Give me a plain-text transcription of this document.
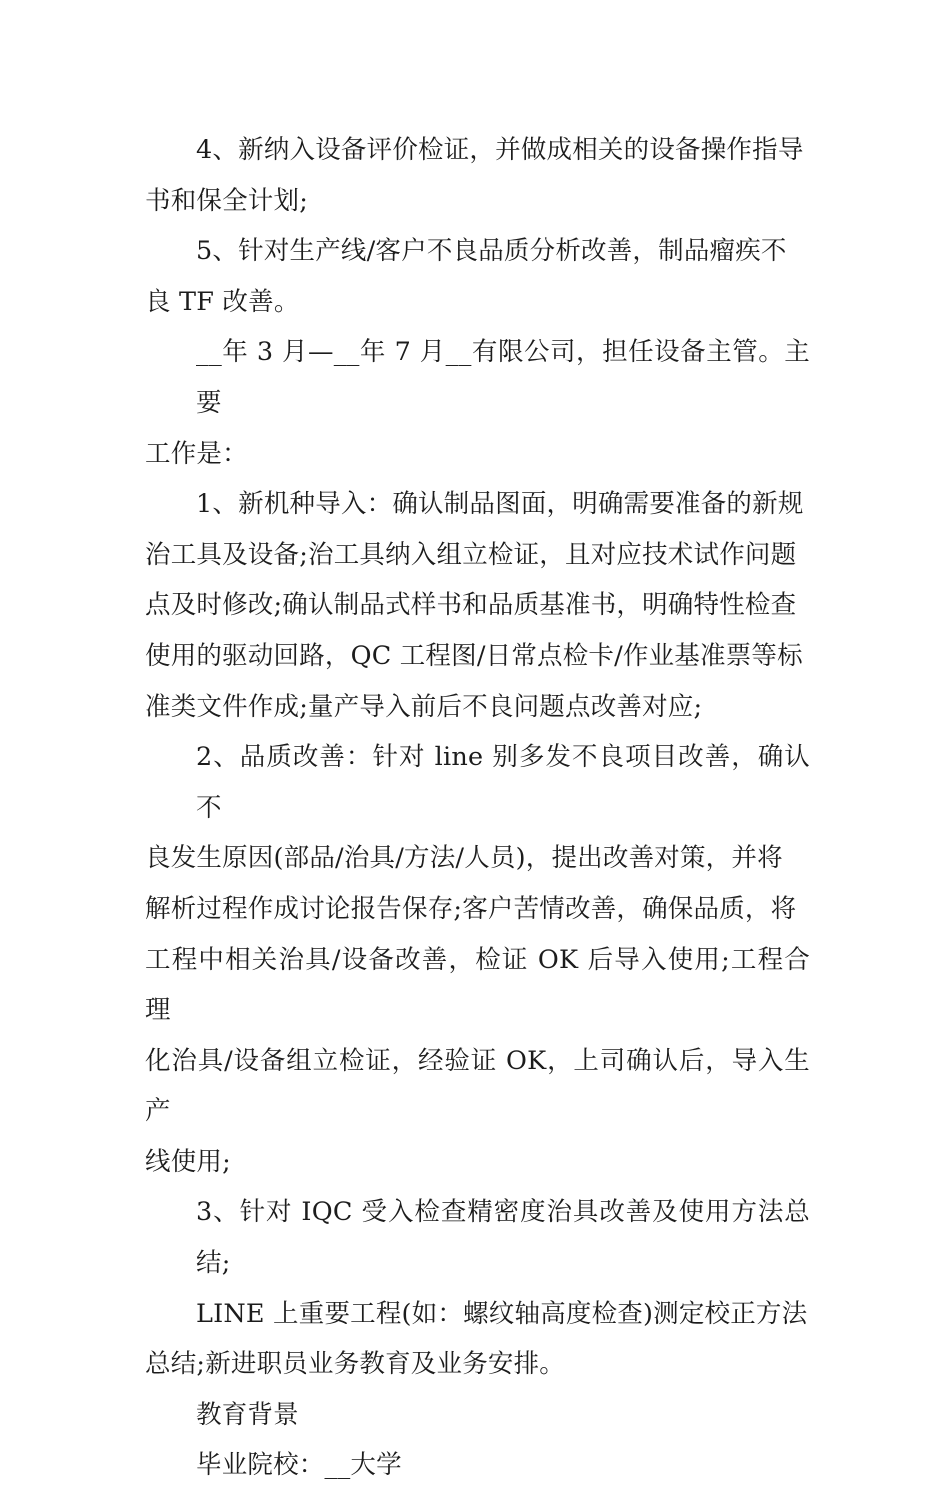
4、新纳入设备评价检证，并做成相关的设备操作指导
书和保全计划;

5、针对生产线/客户不良品质分析改善，制品瘤疾不
良 TF 改善。

__年 3 月—__年 7 月__有限公司，担任设备主管。主要
工作是：

1、新机种导入：确认制品图面，明确需要准备的新规
治工具及设备;治工具纳入组立检证，且对应技术试作问题
点及时修改;确认制品式样书和品质基准书，明确特性检查
使用的驱动回路，QC 工程图/日常点检卡/作业基准票等标
准类文件作成;量产导入前后不良问题点改善对应;

2、品质改善：针对 line 别多发不良项目改善，确认不
良发生原因(部品/治具/方法/人员)，提出改善对策，并将
解析过程作成讨论报告保存;客户苦情改善，确保品质，将
工程中相关治具/设备改善，检证 OK 后导入使用;工程合理
化治具/设备组立检证，经验证 OK，上司确认后，导入生产
线使用;

3、针对 IQC 受入检查精密度治具改善及使用方法总结;

LINE 上重要工程(如：螺纹轴高度检查)测定校正方法
总结;新进职员业务教育及业务安排。

教育背景

毕业院校：__大学
